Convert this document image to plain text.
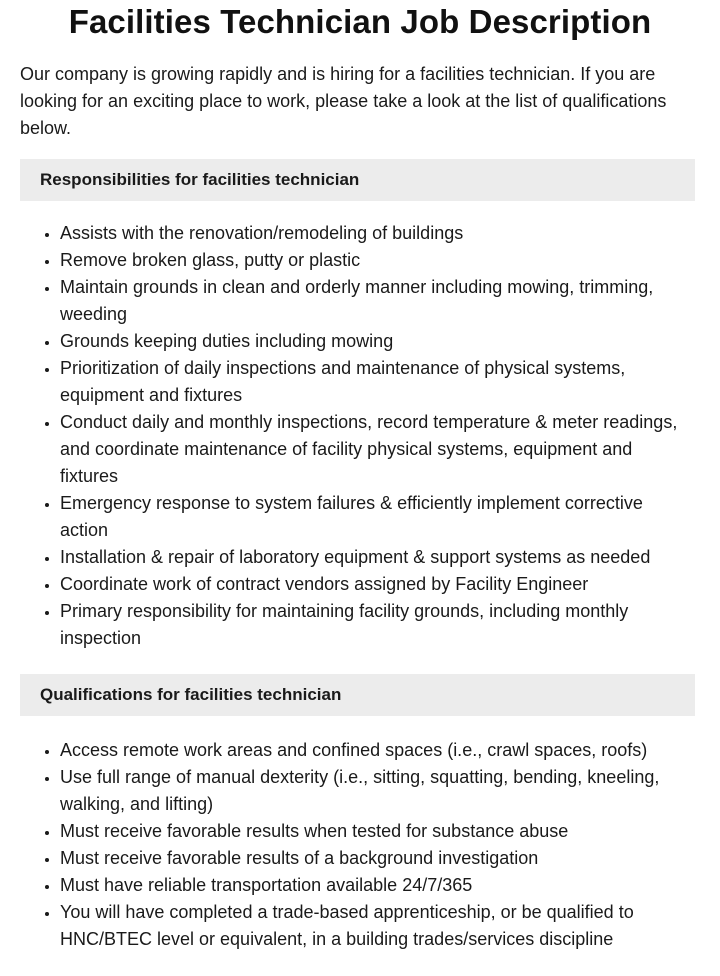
Facilities Technician Job Description

Our company is growing rapidly and is hiring for a facilities technician. If you are looking for an exciting place to work, please take a look at the list of qualifications below.

Responsibilities for facilities technician
• Assists with the renovation/remodeling of buildings
• Remove broken glass, putty or plastic
• Maintain grounds in clean and orderly manner including mowing, trimming, weeding
• Grounds keeping duties including mowing
• Prioritization of daily inspections and maintenance of physical systems, equipment and fixtures
• Conduct daily and monthly inspections, record temperature & meter readings, and coordinate maintenance of facility physical systems, equipment and fixtures
• Emergency response to system failures & efficiently implement corrective action
• Installation & repair of laboratory equipment & support systems as needed
• Coordinate work of contract vendors assigned by Facility Engineer
• Primary responsibility for maintaining facility grounds, including monthly inspection
Qualifications for facilities technician
• Access remote work areas and confined spaces (i.e., crawl spaces, roofs)
• Use full range of manual dexterity (i.e., sitting, squatting, bending, kneeling, walking, and lifting)
• Must receive favorable results when tested for substance abuse
• Must receive favorable results of a background investigation
• Must have reliable transportation available 24/7/365
• You will have completed a trade-based apprenticeship, or be qualified to HNC/BTEC level or equivalent, in a building trades/services discipline
